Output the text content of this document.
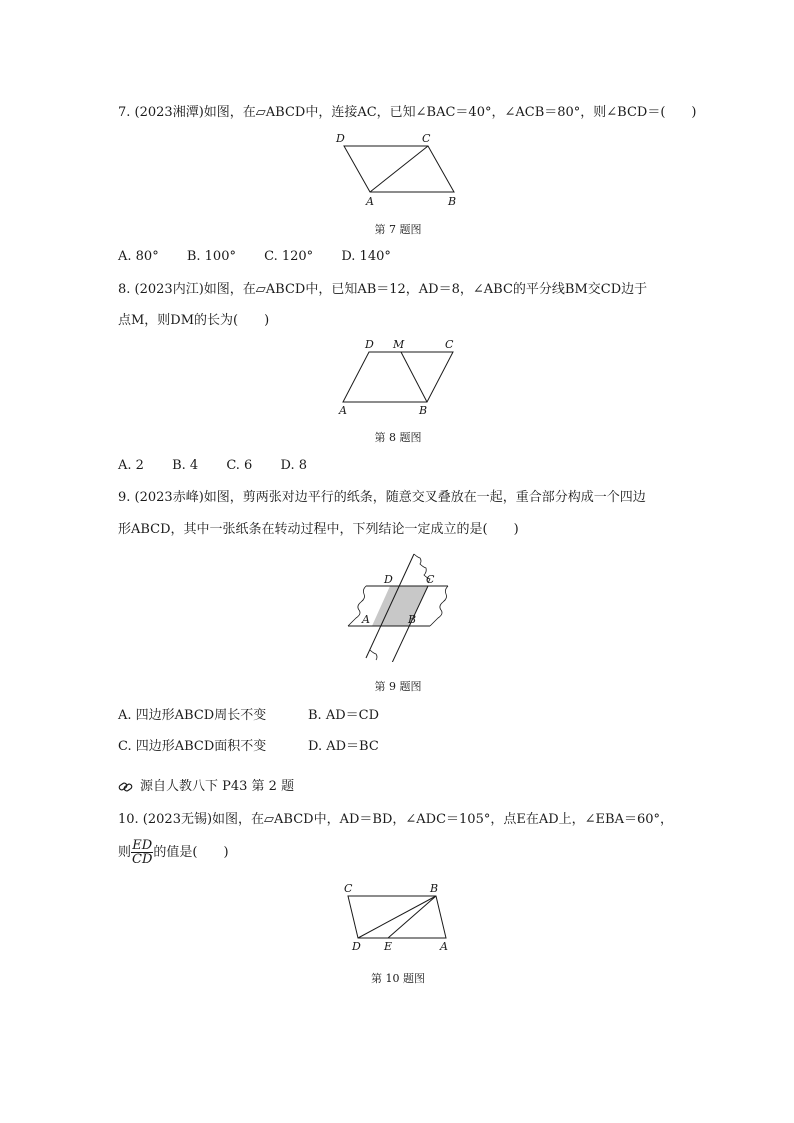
7. (2023湘潭)如图，在▱ABCD中，连接AC，已知∠BAC＝40°，∠ACB＝80°，则∠BCD＝(　　)
D	C
A	B
第 7 题图
A. 80° B. 100° C. 120° D. 140°
8. (2023内江)如图，在▱ABCD中，已知AB＝12，AD＝8，∠ABC的平分线BM交CD边于
点M，则DM的长为(　　)
D M	C
A	B
第 8 题图
A. 2 B. 4 C. 6 D. 8
9. (2023赤峰)如图，剪两张对边平行的纸条，随意交叉叠放在一起，重合部分构成一个四边
形ABCD，其中一张纸条在转动过程中，下列结论一定成立的是(　　)
D	C
A	B
第 9 题图
A. 四边形ABCD周长不变	B. AD＝CD
C. 四边形ABCD面积不变	D. AD＝BC
源自人教八下 P43 第 2 题
10. (2023无锡)如图，在▱ABCD中，AD＝BD，∠ADC＝105°，点E在AD上，∠EBA＝60°，
则 $\frac{ED}{CD}$ 的值是(　　)
C	B
D E	A
第 10 题图
